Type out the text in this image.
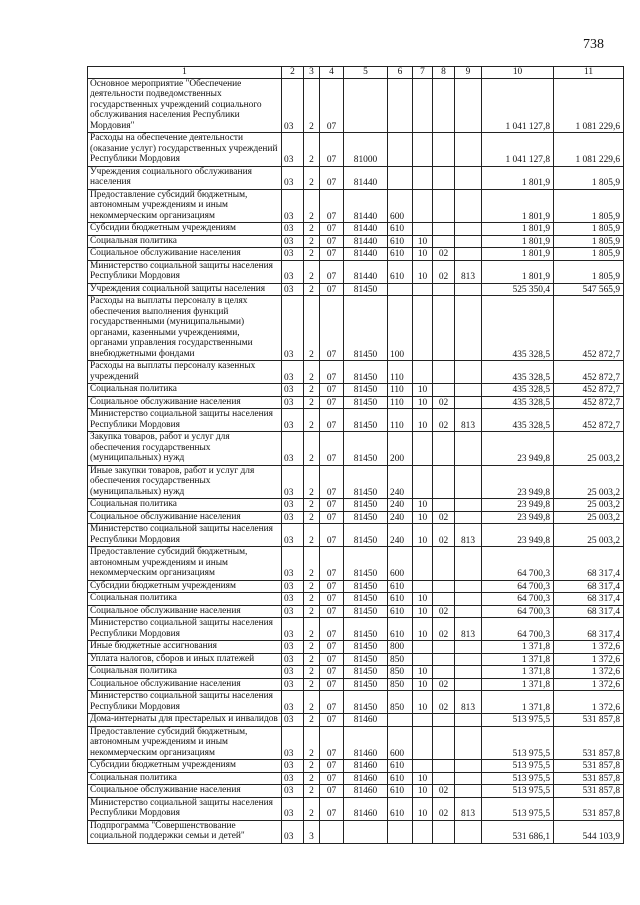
738
1	2	3	4	5	6	7	8	9	10	11
Основное мероприятие "Обеспечение деятельности подведомственных государственных учреждений социального обслуживания населения Республики Мордовия"	03	2	07						1 041 127,8	1 081 229,6
Расходы на обеспечение деятельности (оказание услуг) государственных учреждений Республики Мордовия	03	2	07	81000					1 041 127,8	1 081 229,6
Учреждения социального обслуживания населения	03	2	07	81440					1 801,9	1 805,9
Предоставление субсидий бюджетным, автономным учреждениям и иным некоммерческим организациям	03	2	07	81440	600				1 801,9	1 805,9
Субсидии бюджетным учреждениям	03	2	07	81440	610				1 801,9	1 805,9
Социальная политика	03	2	07	81440	610	10			1 801,9	1 805,9
Социальное обслуживание населения	03	2	07	81440	610	10	02		1 801,9	1 805,9
Министерство социальной защиты населения Республики Мордовия	03	2	07	81440	610	10	02	813	1 801,9	1 805,9
Учреждения социальной защиты населения	03	2	07	81450					525 350,4	547 565,9
Расходы на выплаты персоналу в целях обеспечения выполнения функций государственными (муниципальными) органами, казенными учреждениями, органами управления государственными внебюджетными фондами	03	2	07	81450	100				435 328,5	452 872,7
Расходы на выплаты персоналу казенных учреждений	03	2	07	81450	110				435 328,5	452 872,7
Социальная политика	03	2	07	81450	110	10			435 328,5	452 872,7
Социальное обслуживание населения	03	2	07	81450	110	10	02		435 328,5	452 872,7
Министерство социальной защиты населения Республики Мордовия	03	2	07	81450	110	10	02	813	435 328,5	452 872,7
Закупка товаров, работ и услуг для обеспечения государственных (муниципальных) нужд	03	2	07	81450	200				23 949,8	25 003,2
Иные закупки товаров, работ и услуг для обеспечения государственных (муниципальных) нужд	03	2	07	81450	240				23 949,8	25 003,2
Социальная политика	03	2	07	81450	240	10			23 949,8	25 003,2
Социальное обслуживание населения	03	2	07	81450	240	10	02		23 949,8	25 003,2
Министерство социальной защиты населения Республики Мордовия	03	2	07	81450	240	10	02	813	23 949,8	25 003,2
Предоставление субсидий бюджетным, автономным учреждениям и иным некоммерческим организациям	03	2	07	81450	600				64 700,3	68 317,4
Субсидии бюджетным учреждениям	03	2	07	81450	610				64 700,3	68 317,4
Социальная политика	03	2	07	81450	610	10			64 700,3	68 317,4
Социальное обслуживание населения	03	2	07	81450	610	10	02		64 700,3	68 317,4
Министерство социальной защиты населения Республики Мордовия	03	2	07	81450	610	10	02	813	64 700,3	68 317,4
Иные бюджетные ассигнования	03	2	07	81450	800				1 371,8	1 372,6
Уплата налогов, сборов и иных платежей	03	2	07	81450	850				1 371,8	1 372,6
Социальная политика	03	2	07	81450	850	10			1 371,8	1 372,6
Социальное обслуживание населения	03	2	07	81450	850	10	02		1 371,8	1 372,6
Министерство социальной защиты населения Республики Мордовия	03	2	07	81450	850	10	02	813	1 371,8	1 372,6
Дома-интернаты для престарелых и инвалидов	03	2	07	81460					513 975,5	531 857,8
Предоставление субсидий бюджетным, автономным учреждениям и иным некоммерческим организациям	03	2	07	81460	600				513 975,5	531 857,8
Субсидии бюджетным учреждениям	03	2	07	81460	610				513 975,5	531 857,8
Социальная политика	03	2	07	81460	610	10			513 975,5	531 857,8
Социальное обслуживание населения	03	2	07	81460	610	10	02		513 975,5	531 857,8
Министерство социальной защиты населения Республики Мордовия	03	2	07	81460	610	10	02	813	513 975,5	531 857,8
Подпрограмма "Совершенствование социальной поддержки семьи и детей"	03	3							531 686,1	544 103,9
